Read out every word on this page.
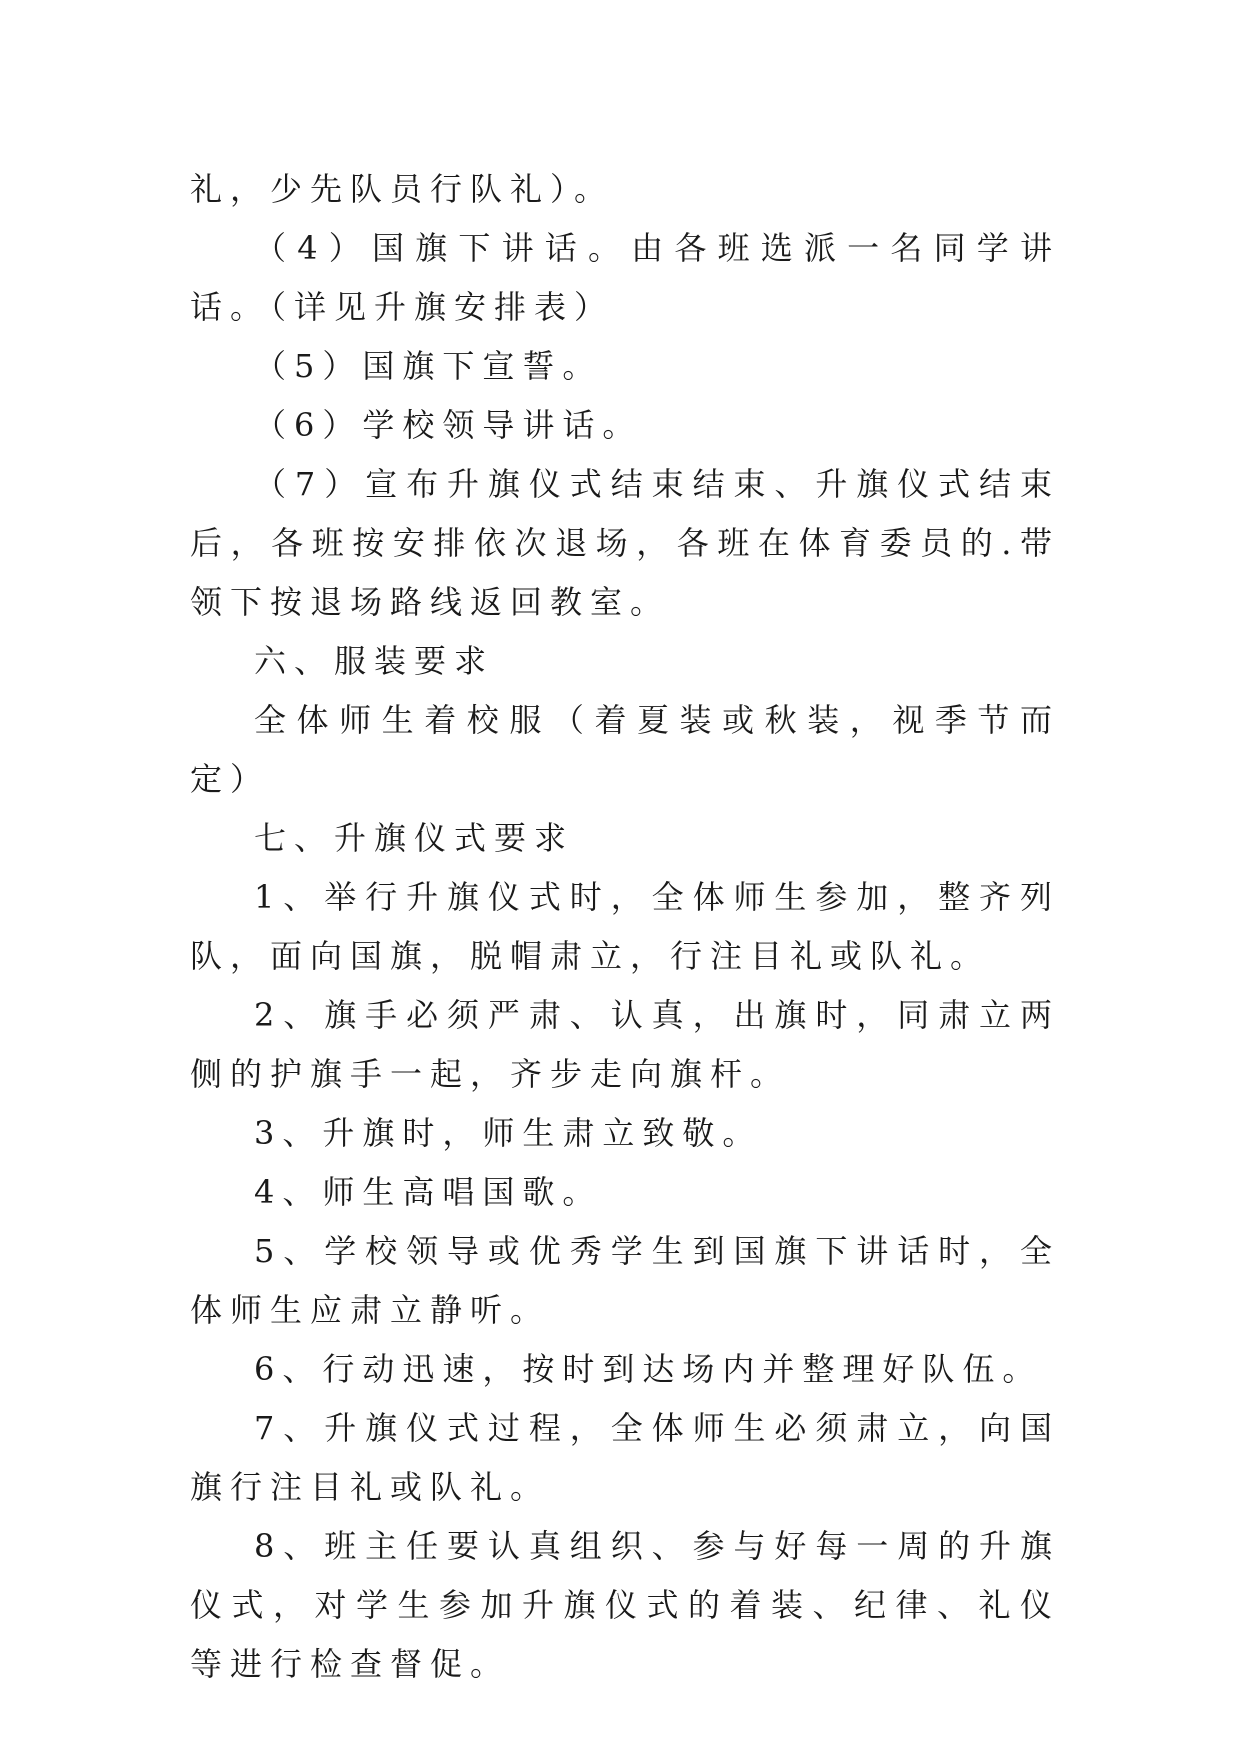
礼，少先队员行队礼）。

（4）国旗下讲话。由各班选派一名同学讲话。（详见升旗安排表）

（5）国旗下宣誓。

（6）学校领导讲话。

（7）宣布升旗仪式结束结束、升旗仪式结束后，各班按安排依次退场，各班在体育委员的.带领下按退场路线返回教室。

六、服装要求

全体师生着校服（着夏装或秋装，视季节而定）

七、升旗仪式要求

1、举行升旗仪式时，全体师生参加，整齐列队，面向国旗，脱帽肃立，行注目礼或队礼。

2、旗手必须严肃、认真，出旗时，同肃立两侧的护旗手一起，齐步走向旗杆。

3、升旗时，师生肃立致敬。

4、师生高唱国歌。

5、学校领导或优秀学生到国旗下讲话时，全体师生应肃立静听。

6、行动迅速，按时到达场内并整理好队伍。

7、升旗仪式过程，全体师生必须肃立，向国旗行注目礼或队礼。

8、班主任要认真组织、参与好每一周的升旗仪式，对学生参加升旗仪式的着装、纪律、礼仪等进行检查督促。
